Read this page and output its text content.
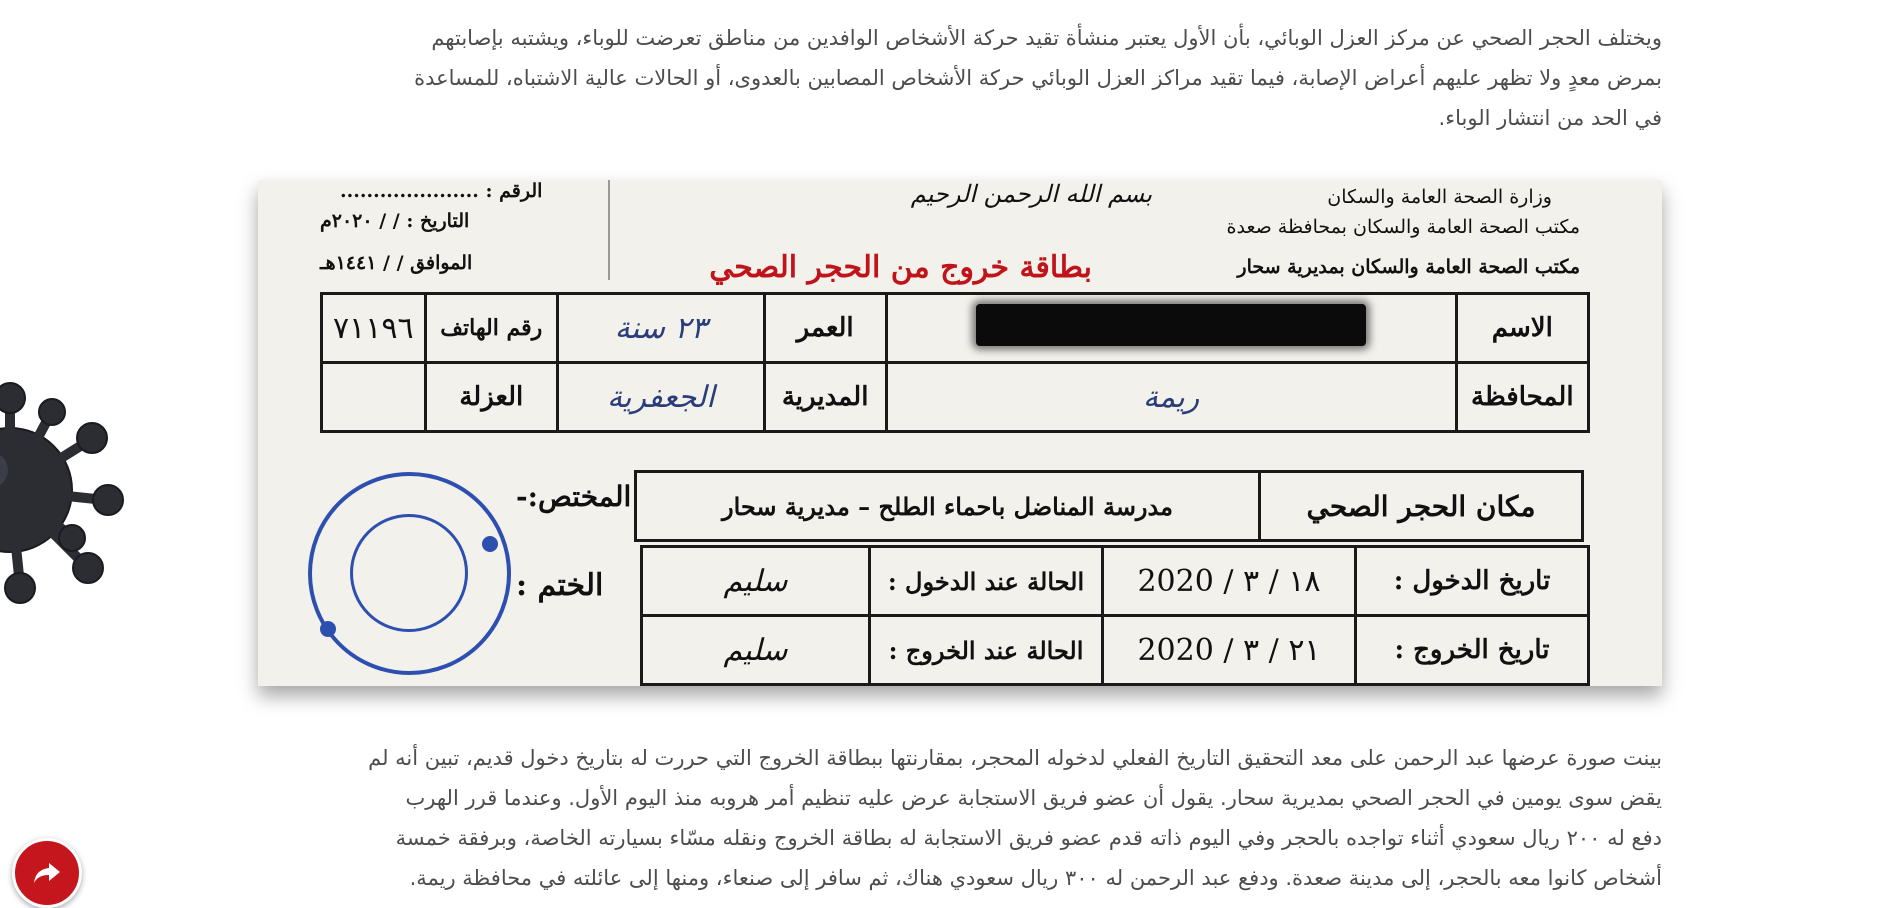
ويختلف الحجر الصحي عن مركز العزل الوبائي، بأن الأول يعتبر منشأة تقيد حركة الأشخاص الوافدين من مناطق تعرضت للوباء، ويشتبه بإصابتهم
بمرض معدٍ ولا تظهر عليهم أعراض الإصابة، فيما تقيد مراكز العزل الوبائي حركة الأشخاص المصابين بالعدوى، أو الحالات عالية الاشتباه، للمساعدة
في الحد من انتشار الوباء.
وزارة الصحة العامة والسكان
مكتب الصحة العامة والسكان بمحافظة صعدة
مكتب الصحة العامة والسكان بمديرية سحار
بسم الله الرحمن الرحيم
بطاقة خروج من الحجر الصحي
الرقم : .....................
التاريخ : / / ٢٠٢٠م
الموافق / / ١٤٤١هـ
الاسم		العمر	٢٣ سنة	رقم الهاتف	٧١١٩٦
المحافظة	ريمة	المديرية	الجعفرية	العزلة	
مكان الحجر الصحي	مدرسة المناضل باحماء الطلح – مديرية سحار
المختص:-
الختم :	تاريخ الدخول :	١٨ / ٣ / 2020	الحالة عند الدخول :	سليم
تاريخ الخروج :	٢١ / ٣ / 2020	الحالة عند الخروج :	سليم
بينت صورة عرضها عبد الرحمن على معد التحقيق التاريخ الفعلي لدخوله المحجر، بمقارنتها ببطاقة الخروج التي حررت له بتاريخ دخول قديم، تبين أنه لم
يقض سوى يومين في الحجر الصحي بمديرية سحار. يقول أن عضو فريق الاستجابة عرض عليه تنظيم أمر هروبه منذ اليوم الأول. وعندما قرر الهرب
دفع له ٢٠٠ ريال سعودي أثناء تواجده بالحجر وفي اليوم ذاته قدم عضو فريق الاستجابة له بطاقة الخروج ونقله مسّاء بسيارته الخاصة، وبرفقة خمسة
أشخاص كانوا معه بالحجر، إلى مدينة صعدة. ودفع عبد الرحمن له ٣٠٠ ريال سعودي هناك، ثم سافر إلى صنعاء، ومنها إلى عائلته في محافظة ريمة.
